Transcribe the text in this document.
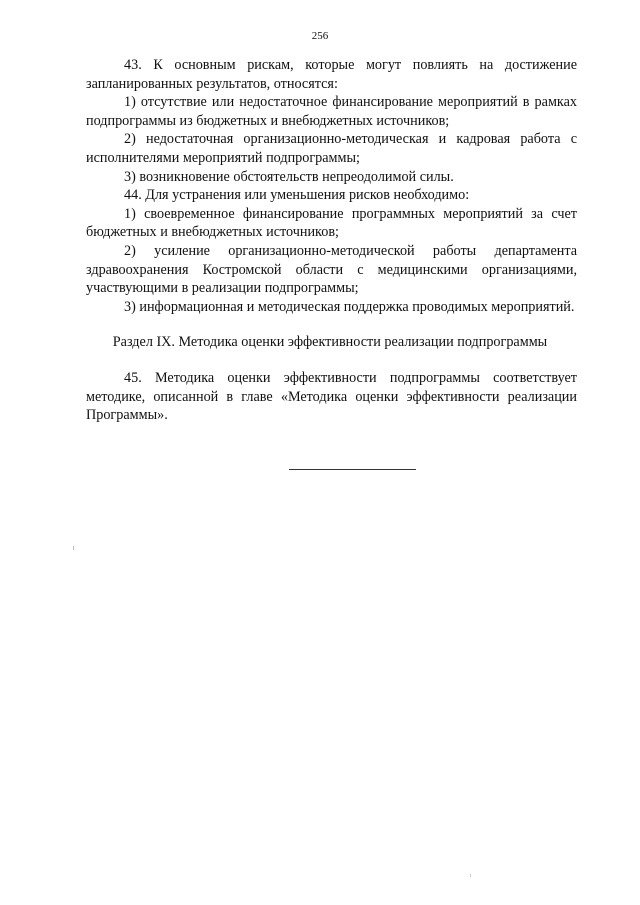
256

43. К основным рискам, которые могут повлиять на достижение запланированных результатов, относятся:

1) отсутствие или недостаточное финансирование мероприятий в рамках подпрограммы из бюджетных и внебюджетных источников;

2) недостаточная организационно-методическая и кадровая работа с исполнителями мероприятий подпрограммы;

3) возникновение обстоятельств непреодолимой силы.

44. Для устранения или уменьшения рисков необходимо:

1) своевременное финансирование программных мероприятий за счет бюджетных и внебюджетных источников;

2) усиление организационно-методической работы департамента здравоохранения Костромской области с медицинскими организациями, участвующими в реализации подпрограммы;

3) информационная и методическая поддержка проводимых мероприятий.

Раздел IX. Методика оценки эффективности реализации подпрограммы

45. Методика оценки эффективности подпрограммы соответствует методике, описанной в главе «Методика оценки эффективности реализации Программы».
